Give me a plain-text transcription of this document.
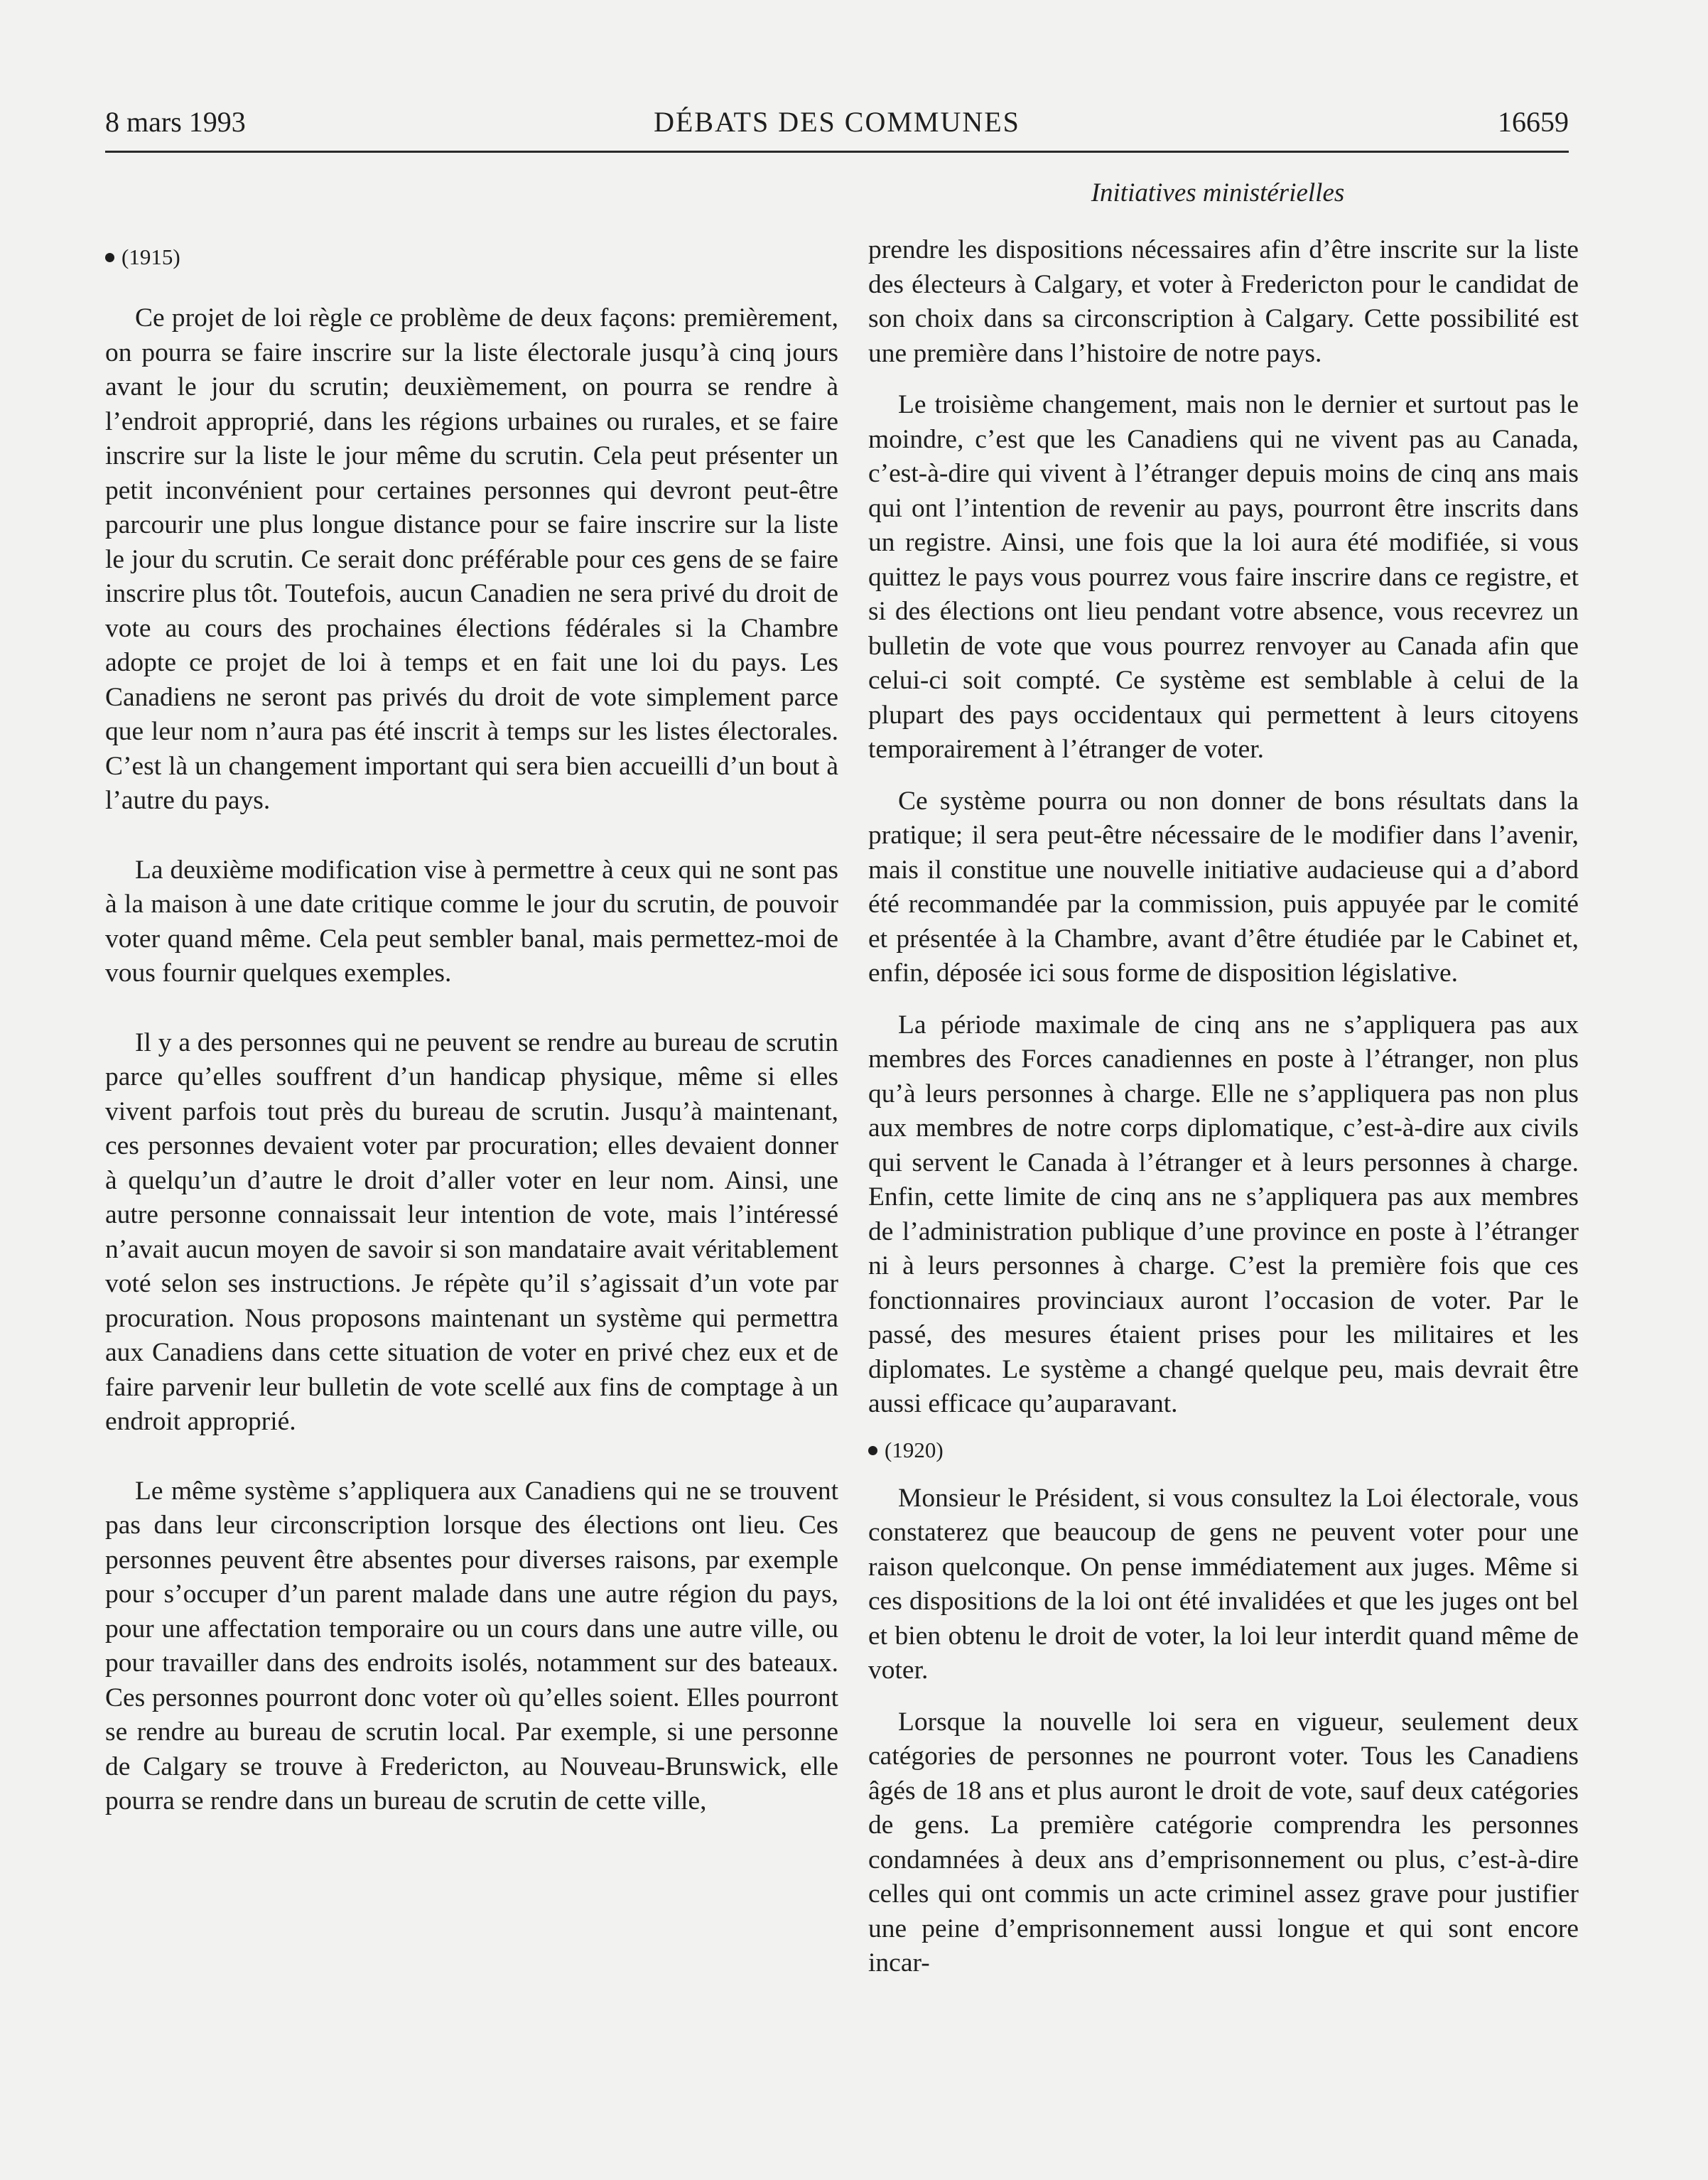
8 mars 1993	DÉBATS DES COMMUNES	16659
Initiatives ministérielles
(1915)

Ce projet de loi règle ce problème de deux façons: premièrement, on pourra se faire inscrire sur la liste électorale jusqu’à cinq jours avant le jour du scrutin; deuxièmement, on pourra se rendre à l’endroit approprié, dans les régions urbaines ou rurales, et se faire inscrire sur la liste le jour même du scrutin. Cela peut présenter un petit inconvénient pour certaines personnes qui devront peut-être parcourir une plus longue distance pour se faire inscrire sur la liste le jour du scrutin. Ce serait donc préférable pour ces gens de se faire inscrire plus tôt. Toutefois, aucun Canadien ne sera privé du droit de vote au cours des prochaines élections fédérales si la Chambre adopte ce projet de loi à temps et en fait une loi du pays. Les Canadiens ne seront pas privés du droit de vote simplement parce que leur nom n’aura pas été inscrit à temps sur les listes électorales. C’est là un changement important qui sera bien accueilli d’un bout à l’autre du pays.

La deuxième modification vise à permettre à ceux qui ne sont pas à la maison à une date critique comme le jour du scrutin, de pouvoir voter quand même. Cela peut sembler banal, mais permettez-moi de vous fournir quelques exemples.

Il y a des personnes qui ne peuvent se rendre au bureau de scrutin parce qu’elles souffrent d’un handicap physique, même si elles vivent parfois tout près du bureau de scrutin. Jusqu’à maintenant, ces personnes devaient voter par procuration; elles devaient donner à quelqu’un d’autre le droit d’aller voter en leur nom. Ainsi, une autre personne connaissait leur intention de vote, mais l’intéressé n’avait aucun moyen de savoir si son mandataire avait véritablement voté selon ses instructions. Je répète qu’il s’agissait d’un vote par procuration. Nous proposons maintenant un système qui permettra aux Canadiens dans cette situation de voter en privé chez eux et de faire parvenir leur bulletin de vote scellé aux fins de comptage à un endroit approprié.

Le même système s’appliquera aux Canadiens qui ne se trouvent pas dans leur circonscription lorsque des élections ont lieu. Ces personnes peuvent être absentes pour diverses raisons, par exemple pour s’occuper d’un parent malade dans une autre région du pays, pour une affectation temporaire ou un cours dans une autre ville, ou pour travailler dans des endroits isolés, notamment sur des bateaux. Ces personnes pourront donc voter où qu’elles soient. Elles pourront se rendre au bureau de scrutin local. Par exemple, si une personne de Calgary se trouve à Fredericton, au Nouveau-Brunswick, elle pourra se rendre dans un bureau de scrutin de cette ville,

prendre les dispositions nécessaires afin d’être inscrite sur la liste des électeurs à Calgary, et voter à Fredericton pour le candidat de son choix dans sa circonscription à Calgary. Cette possibilité est une première dans l’histoire de notre pays.

Le troisième changement, mais non le dernier et surtout pas le moindre, c’est que les Canadiens qui ne vivent pas au Canada, c’est-à-dire qui vivent à l’étranger depuis moins de cinq ans mais qui ont l’intention de revenir au pays, pourront être inscrits dans un registre. Ainsi, une fois que la loi aura été modifiée, si vous quittez le pays vous pourrez vous faire inscrire dans ce registre, et si des élections ont lieu pendant votre absence, vous recevrez un bulletin de vote que vous pourrez renvoyer au Canada afin que celui-ci soit compté. Ce système est semblable à celui de la plupart des pays occidentaux qui permettent à leurs citoyens temporairement à l’étranger de voter.

Ce système pourra ou non donner de bons résultats dans la pratique; il sera peut-être nécessaire de le modifier dans l’avenir, mais il constitue une nouvelle initiative audacieuse qui a d’abord été recommandée par la commission, puis appuyée par le comité et présentée à la Chambre, avant d’être étudiée par le Cabinet et, enfin, déposée ici sous forme de disposition législative.

La période maximale de cinq ans ne s’appliquera pas aux membres des Forces canadiennes en poste à l’étranger, non plus qu’à leurs personnes à charge. Elle ne s’appliquera pas non plus aux membres de notre corps diplomatique, c’est-à-dire aux civils qui servent le Canada à l’étranger et à leurs personnes à charge. Enfin, cette limite de cinq ans ne s’appliquera pas aux membres de l’administration publique d’une province en poste à l’étranger ni à leurs personnes à charge. C’est la première fois que ces fonctionnaires provinciaux auront l’occasion de voter. Par le passé, des mesures étaient prises pour les militaires et les diplomates. Le système a changé quelque peu, mais devrait être aussi efficace qu’auparavant.

(1920)

Monsieur le Président, si vous consultez la Loi électorale, vous constaterez que beaucoup de gens ne peuvent voter pour une raison quelconque. On pense immédiatement aux juges. Même si ces dispositions de la loi ont été invalidées et que les juges ont bel et bien obtenu le droit de voter, la loi leur interdit quand même de voter.

Lorsque la nouvelle loi sera en vigueur, seulement deux catégories de personnes ne pourront voter. Tous les Canadiens âgés de 18 ans et plus auront le droit de vote, sauf deux catégories de gens. La première catégorie comprendra les personnes condamnées à deux ans d’emprisonnement ou plus, c’est-à-dire celles qui ont commis un acte criminel assez grave pour justifier une peine d’emprisonnement aussi longue et qui sont encore incar-
